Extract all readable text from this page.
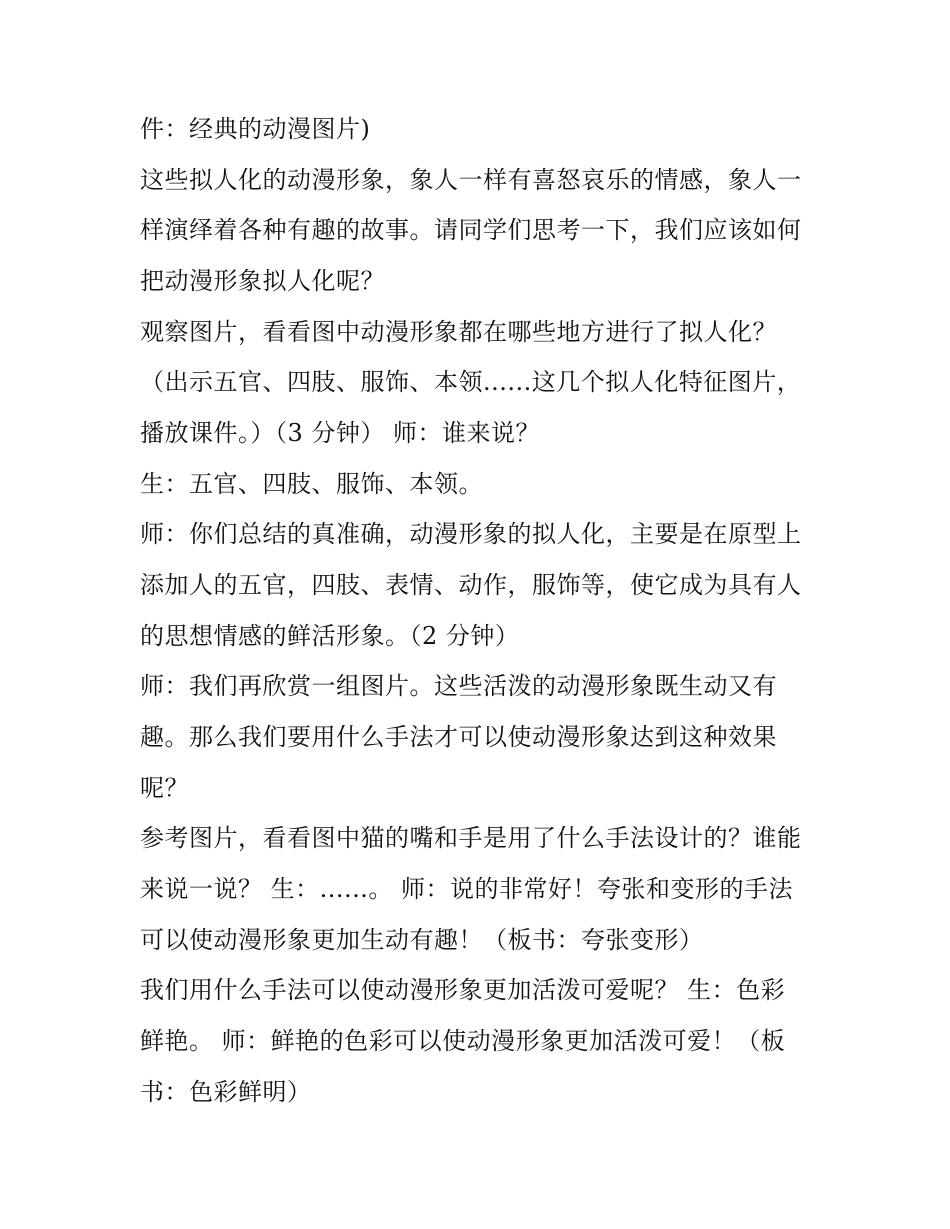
件：经典的动漫图片)
这些拟人化的动漫形象，象人一样有喜怒哀乐的情感，象人一
样演绎着各种有趣的故事。请同学们思考一下，我们应该如何
把动漫形象拟人化呢？
观察图片，看看图中动漫形象都在哪些地方进行了拟人化？
（出示五官、四肢、服饰、本领......这几个拟人化特征图片，
播放课件。）（3 分钟） 师：谁来说？
生：五官、四肢、服饰、本领。
师：你们总结的真准确，动漫形象的拟人化，主要是在原型上
添加人的五官，四肢、表情、动作，服饰等，使它成为具有人
的思想情感的鲜活形象。（2 分钟）
师：我们再欣赏一组图片。这些活泼的动漫形象既生动又有
趣。那么我们要用什么手法才可以使动漫形象达到这种效果
呢？
参考图片，看看图中猫的嘴和手是用了什么手法设计的？谁能
来说一说？ 生：......。 师：说的非常好！夸张和变形的手法
可以使动漫形象更加生动有趣！（板书：夸张变形）
我们用什么手法可以使动漫形象更加活泼可爱呢？ 生：色彩
鲜艳。 师：鲜艳的色彩可以使动漫形象更加活泼可爱！（板
书：色彩鲜明）
